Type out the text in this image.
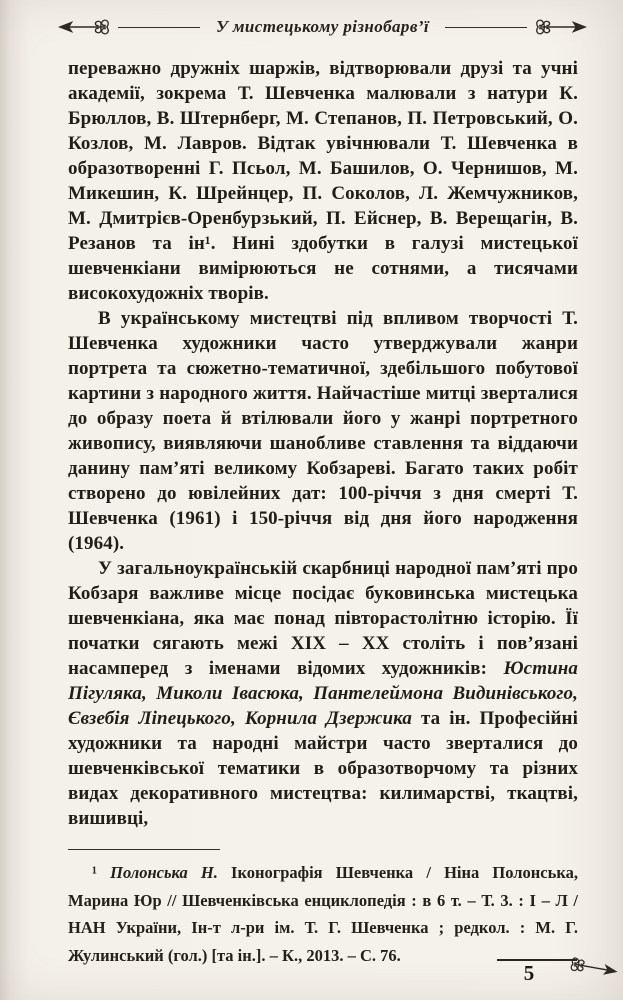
У мистецькому різнобарв’ї

переважно дружніх шаржів, відтворювали друзі та учні академії, зокрема Т. Шевченка малювали з натури К. Брюллов, В. Штернберг, М. Степанов, П. Петровський, О. Козлов, М. Лавров. Відтак увічнювали Т. Шевченка в образотворенні Г. Псьол, М. Башилов, О. Чернишов, М. Микешин, К. Шрейнцер, П. Соколов, Л. Жемчужников, М. Дмитрієв-Оренбурзький, П. Ейснер, В. Верещагін, В. Резанов та ін¹. Нині здобутки в галузі мистецької шевченкіани вимірюються не сотнями, а тисячами високохудожніх творів.

В українському мистецтві під впливом творчості Т. Шевченка художники часто утверджували жанри портрета та сюжетно-тематичної, здебільшого побутової картини з народного життя. Найчастіше митці зверталися до образу поета й втілювали його у жанрі портретного живопису, виявляючи шанобливе ставлення та віддаючи данину пам’яті великому Кобзареві. Багато таких робіт створено до ювілейних дат: 100-річчя з дня смерті Т. Шевченка (1961) і 150-річчя від дня його народження (1964).

У загальноукраїнській скарбниці народної пам’яті про Кобзаря важливе місце посідає буковинська мистецька шевченкіана, яка має понад півторастолітню історію. Її початки сягають межі XIX – XX століть і пов’язані насамперед з іменами відомих художників: Юстина Пігуляка, Миколи Івасюка, Пантелеймона Видинівського, Євзебія Ліпецького, Корнила Дзержика та ін. Професійні художники та народні майстри часто зверталися до шевченківської тематики в образотворчому та різних видах декоративного мистецтва: килимарстві, ткацтві, вишивці,

¹ Полонська Н. Іконографія Шевченка / Ніна Полонська, Марина Юр // Шевченківська енциклопедія : в 6 т. – Т. 3. : І – Л / НАН України, Ін-т л-ри ім. Т. Г. Шевченка ; редкол. : М. Г. Жулинський (гол.) [та ін.]. – К., 2013. – С. 76.

5
